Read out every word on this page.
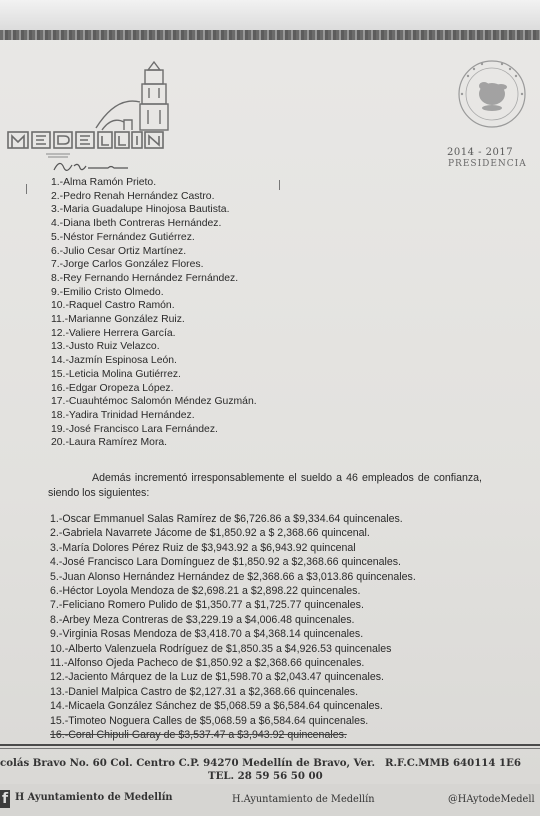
2014 - 2017
PRESIDENCIA
1.-Alma Ramón Prieto.
2.-Pedro Renah Hernández Castro.
3.-Maria Guadalupe Hinojosa Bautista.
4.-Diana Ibeth Contreras Hernández.
5.-Néstor Fernández Gutiérrez.
6.-Julio Cesar Ortiz Martínez.
7.-Jorge Carlos González Flores.
8.-Rey Fernando Hernández Fernández.
9.-Emilio Cristo Olmedo.
10.-Raquel Castro Ramón.
11.-Marianne González Ruiz.
12.-Valiere Herrera García.
13.-Justo Ruiz Velazco.
14.-Jazmín Espinosa León.
15.-Leticia Molina Gutiérrez.
16.-Edgar Oropeza López.
17.-Cuauhtémoc Salomón Méndez Guzmán.
18.-Yadira Trinidad Hernández.
19.-José Francisco Lara Fernández.
20.-Laura Ramírez Mora.
Además incrementó irresponsablemente el sueldo a 46 empleados de confianza, siendo los siguientes:
1.-Oscar Emmanuel Salas Ramírez de $6,726.86 a $9,334.64 quincenales.
2.-Gabriela Navarrete Jácome de $1,850.92 a $ 2,368.66 quincenal.
3.-María Dolores Pérez Ruiz de $3,943.92 a $6,943.92 quincenal
4.-José Francisco Lara Domínguez de $1,850.92 a $2,368.66 quincenales.
5.-Juan Alonso Hernández Hernández de $2,368.66 a $3,013.86 quincenales.
6.-Héctor Loyola Mendoza de $2,698.21 a $2,898.22 quincenales.
7.-Feliciano Romero Pulido de $1,350.77 a $1,725.77 quincenales.
8.-Arbey Meza Contreras de $3,229.19 a $4,006.48 quincenales.
9.-Virginia Rosas Mendoza de $3,418.70 a $4,368.14 quincenales.
10.-Alberto Valenzuela Rodríguez de $1,850.35 a $4,926.53 quincenales
11.-Alfonso Ojeda Pacheco de $1,850.92 a $2,368.66 quincenales.
12.-Jaciento Márquez de la Luz de $1,598.70 a $2,043.47 quincenales.
13.-Daniel Malpica Castro de $2,127.31 a $2,368.66 quincenales.
14.-Micaela González Sánchez de $5,068.59 a $6,584.64 quincenales.
15.-Timoteo Noguera Calles de $5,068.59 a $6,584.64 quincenales.
16.-Coral Chipuli Garay de $3,537.47 a $3,943.92 quincenales.
colás Bravo No. 60 Col. Centro C.P. 94270 Medellín de Bravo, Ver. R.F.C.MMB 640114 1E6
TEL. 28 59 56 50 00
f H Ayuntamiento de Medellín	H.Ayuntamiento de Medellín	@HAytodeMedell
